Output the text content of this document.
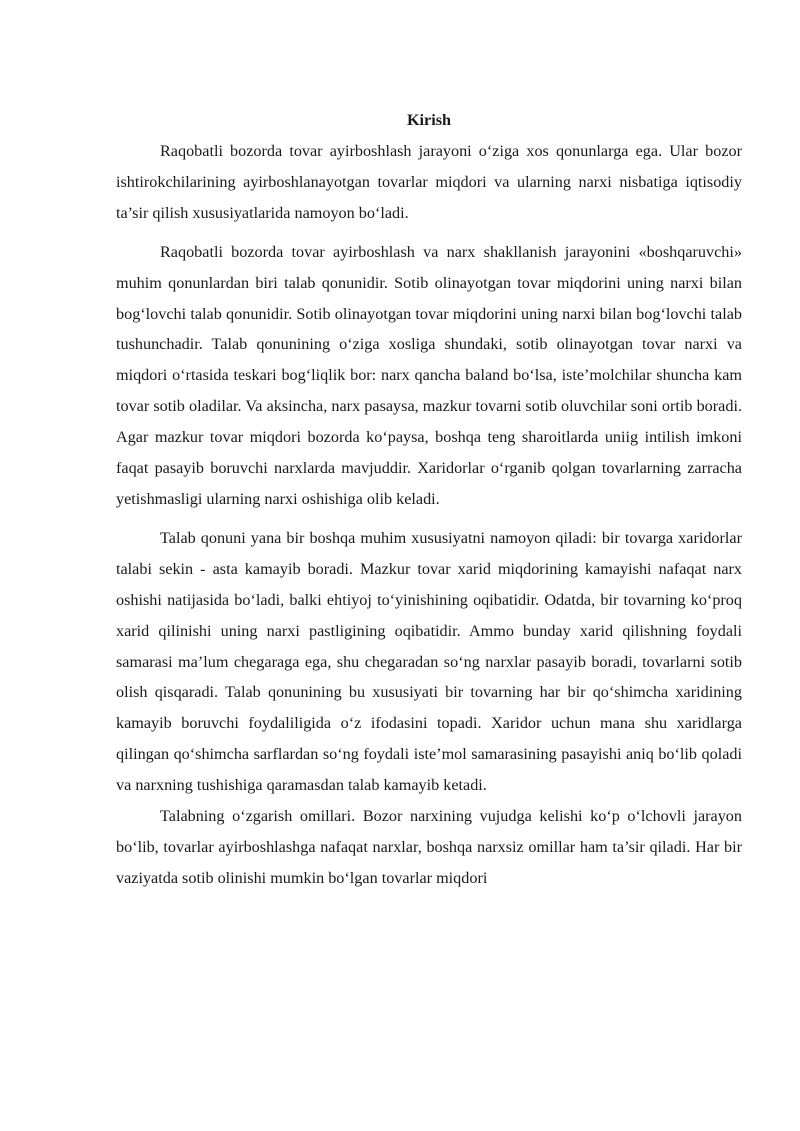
Kirish

Raqobatli bozorda tovar ayirboshlash jarayoni o‘ziga xos qonunlarga ega. Ular bozor ishtirokchilarining ayirboshlanayotgan tovarlar miqdori va ularning narxi nisbatiga iqtisodiy ta’sir qilish xususiyatlarida namoyon bo‘ladi.

Raqobatli bozorda tovar ayirboshlash va narx shakllanish jarayonini «boshqaruvchi» muhim qonunlardan biri talab qonunidir. Sotib olinayotgan tovar miqdorini uning narxi bilan bog‘lovchi talab qonunidir. Sotib olinayotgan tovar miqdorini uning narxi bilan bog‘lovchi talab tushunchadir. Talab qonunining o‘ziga xosliga shundaki, sotib olinayotgan tovar narxi va miqdori o‘rtasida teskari bog‘liqlik bor: narx qancha baland bo‘lsa, iste’molchilar shuncha kam tovar sotib oladilar. Va aksincha, narx pasaysa, mazkur tovarni sotib oluvchilar soni ortib boradi. Agar mazkur tovar miqdori bozorda ko‘paysa, boshqa teng sharoitlarda uniig intilish imkoni faqat pasayib boruvchi narxlarda mavjuddir. Xaridorlar o‘rganib qolgan tovarlarning zarracha yetishmasligi ularning narxi oshishiga olib keladi.

Talab qonuni yana bir boshqa muhim xususiyatni namoyon qiladi: bir tovarga xaridorlar talabi sekin - asta kamayib boradi. Mazkur tovar xarid miqdorining kamayishi nafaqat narx oshishi natijasida bo‘ladi, balki ehtiyoj to‘yinishining oqibatidir. Odatda, bir tovarning ko‘proq xarid qilinishi uning narxi pastligining oqibatidir. Ammo bunday xarid qilishning foydali samarasi ma’lum chegaraga ega, shu chegaradan so‘ng narxlar pasayib boradi, tovarlarni sotib olish qisqaradi. Talab qonunining bu xususiyati bir tovarning har bir qo‘shimcha xaridining kamayib boruvchi foydaliligida o‘z ifodasini topadi. Xaridor uchun mana shu xaridlarga qilingan qo‘shimcha sarflardan so‘ng foydali iste’mol samarasining pasayishi aniq bo‘lib qoladi va narxning tushishiga qaramasdan talab kamayib ketadi.

Talabning o‘zgarish omillari. Bozor narxining vujudga kelishi ko‘p o‘lchovli jarayon bo‘lib, tovarlar ayirboshlashga nafaqat narxlar, boshqa narxsiz omillar ham ta’sir qiladi. Har bir vaziyatda sotib olinishi mumkin bo‘lgan tovarlar miqdori
